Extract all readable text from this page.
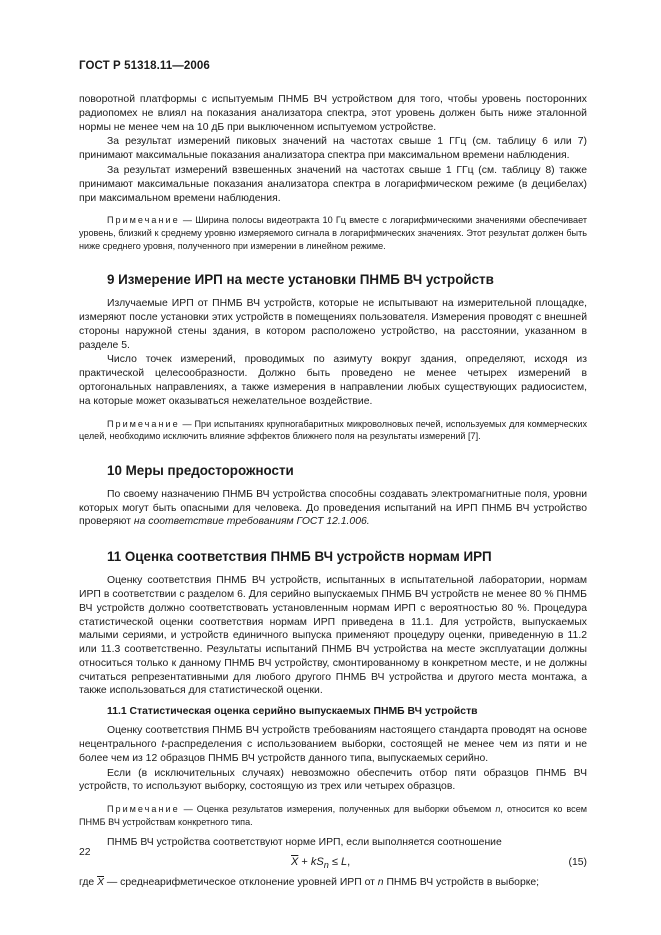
ГОСТ Р 51318.11—2006

поворотной платформы с испытуемым ПНМБ ВЧ устройством для того, чтобы уровень посторонних радиопомех не влиял на показания анализатора спектра, этот уровень должен быть ниже эталонной нормы не менее чем на 10 дБ при выключенном испытуемом устройстве.

За результат измерений пиковых значений на частотах свыше 1 ГГц (см. таблицу 6 или 7) принимают максимальные показания анализатора спектра при максимальном времени наблюдения.

За результат измерений взвешенных значений на частотах свыше 1 ГГц (см. таблицу 8) также принимают максимальные показания анализатора спектра в логарифмическом режиме (в децибелах) при максимальном времени наблюдения.

Примечание — Ширина полосы видеотракта 10 Гц вместе с логарифмическими значениями обеспечивает уровень, близкий к среднему уровню измеряемого сигнала в логарифмических значениях. Этот результат должен быть ниже среднего уровня, полученного при измерении в линейном режиме.

9 Измерение ИРП на месте установки ПНМБ ВЧ устройств

Излучаемые ИРП от ПНМБ ВЧ устройств, которые не испытывают на измерительной площадке, измеряют после установки этих устройств в помещениях пользователя. Измерения проводят с внешней стороны наружной стены здания, в котором расположено устройство, на расстоянии, указанном в разделе 5.

Число точек измерений, проводимых по азимуту вокруг здания, определяют, исходя из практической целесообразности. Должно быть проведено не менее четырех измерений в ортогональных направлениях, а также измерения в направлении любых существующих радиосистем, на которые может оказываться нежелательное воздействие.

Примечание — При испытаниях крупногабаритных микроволновых печей, используемых для коммерческих целей, необходимо исключить влияние эффектов ближнего поля на результаты измерений [7].

10 Меры предосторожности

По своему назначению ПНМБ ВЧ устройства способны создавать электромагнитные поля, уровни которых могут быть опасными для человека. До проведения испытаний на ИРП ПНМБ ВЧ устройство проверяют на соответствие требованиям ГОСТ 12.1.006.

11 Оценка соответствия ПНМБ ВЧ устройств нормам ИРП

Оценку соответствия ПНМБ ВЧ устройств, испытанных в испытательной лаборатории, нормам ИРП в соответствии с разделом 6. Для серийно выпускаемых ПНМБ ВЧ устройств не менее 80 % ПНМБ ВЧ устройств должно соответствовать установленным нормам ИРП с вероятностью 80 %. Процедура статистической оценки соответствия нормам ИРП приведена в 11.1. Для устройств, выпускаемых малыми сериями, и устройств единичного выпуска применяют процедуру оценки, приведенную в 11.2 или 11.3 соответственно. Результаты испытаний ПНМБ ВЧ устройства на месте эксплуатации должны относиться только к данному ПНМБ ВЧ устройству, смонтированному в конкретном месте, и не должны считаться репрезентативными для любого другого ПНМБ ВЧ устройства и другого места монтажа, а также использоваться для статистической оценки.

11.1 Статистическая оценка серийно выпускаемых ПНМБ ВЧ устройств

Оценку соответствия ПНМБ ВЧ устройств требованиям настоящего стандарта проводят на основе нецентрального t-распределения с использованием выборки, состоящей не менее чем из пяти и не более чем из 12 образцов ПНМБ ВЧ устройств данного типа, выпускаемых серийно.

Если (в исключительных случаях) невозможно обеспечить отбор пяти образцов ПНМБ ВЧ устройств, то используют выборку, состоящую из трех или четырех образцов.

Примечание — Оценка результатов измерения, полученных для выборки объемом n, относится ко всем ПНМБ ВЧ устройствам конкретного типа.

ПНМБ ВЧ устройства соответствуют норме ИРП, если выполняется соотношение

$\overline{X} + kS_n \le L$,	(15)

где $\overline{X}$ — среднеарифметическое отклонение уровней ИРП от n ПНМБ ВЧ устройств в выборке;

22
